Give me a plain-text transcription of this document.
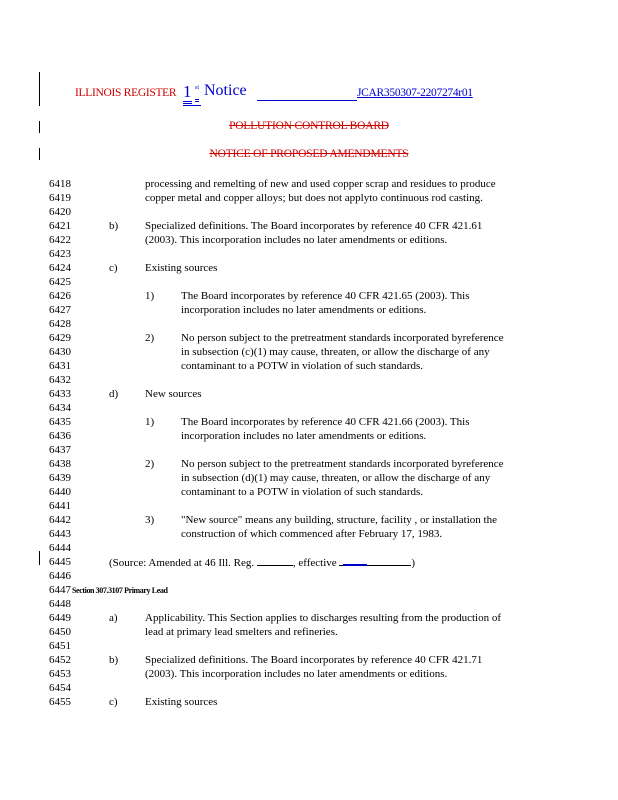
ILLINOIS REGISTER 1 st Notice	JCAR350307-2207274r01
POLLUTION CONTROL BOARD
NOTICE OF PROPOSED AMENDMENTS
6418	processing and remelting of new and used copper scrap and residues to produce
6419	copper metal and copper alloys; but does not applyto continuous rod casting.
6420
6421	b) Specialized definitions. The Board incorporates by reference 40 CFR 421.61
6422	(2003). This incorporation includes no later amendments or editions.
6423
6424	c) Existing sources
6425
6426	1) The Board incorporates by reference 40 CFR 421.65 (2003). This
6427	incorporation includes no later amendments or editions.
6428
6429	2) No person subject to the pretreatment standards incorporated byreference
6430	in subsection (c)(1) may cause, threaten, or allow the discharge of any
6431	contaminant to a POTW in violation of such standards.
6432
6433	d) New sources
6434
6435	1) The Board incorporates by reference 40 CFR 421.66 (2003). This
6436	incorporation includes no later amendments or editions.
6437
6438	2) No person subject to the pretreatment standards incorporated byreference
6439	in subsection (d)(1) may cause, threaten, or allow the discharge of any
6440	contaminant to a POTW in violation of such standards.
6441
6442	3) "New source" means any building, structure, facility , or installation the
6443	construction of which commenced after February 17, 1983.
6444
6445	(Source: Amended at 46 Ill. Reg.	, effective	)
6446
6447 Section 307.3107 Primary Lead
6448
6449	a) Applicability. This Section applies to discharges resulting from the production of
6450	lead at primary lead smelters and refineries.
6451
6452	b) Specialized definitions. The Board incorporates by reference 40 CFR 421.71
6453	(2003). This incorporation includes no later amendments or editions.
6454
6455	c) Existing sources
